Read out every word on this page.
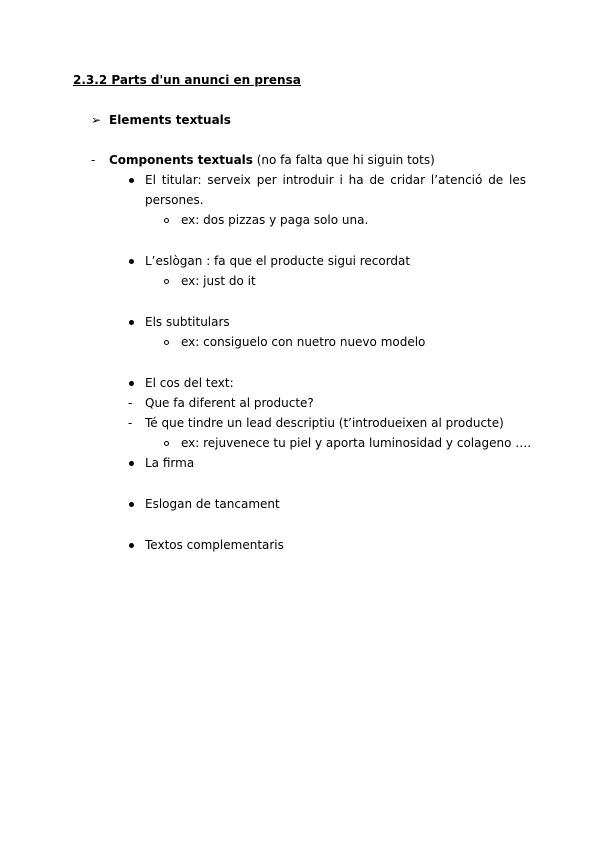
2.3.2 Parts d'un anunci en prensa
➢ Elements textuals
- Components textuals (no fa falta que hi siguin tots)
El titular: serveix per introduir i ha de cridar l’atenció de les
persones.
ex: dos pizzas y paga solo una.
L’eslògan : fa que el producte sigui recordat
ex: just do it
Els subtitulars
ex: consiguelo con nuetro nuevo modelo
El cos del text:
- Que fa diferent al producte?
- Té que tindre un lead descriptiu (t’introdueixen al producte)
ex: rejuvenece tu piel y aporta luminosidad y colageno ….
La firma
Eslogan de tancament
Textos complementaris
